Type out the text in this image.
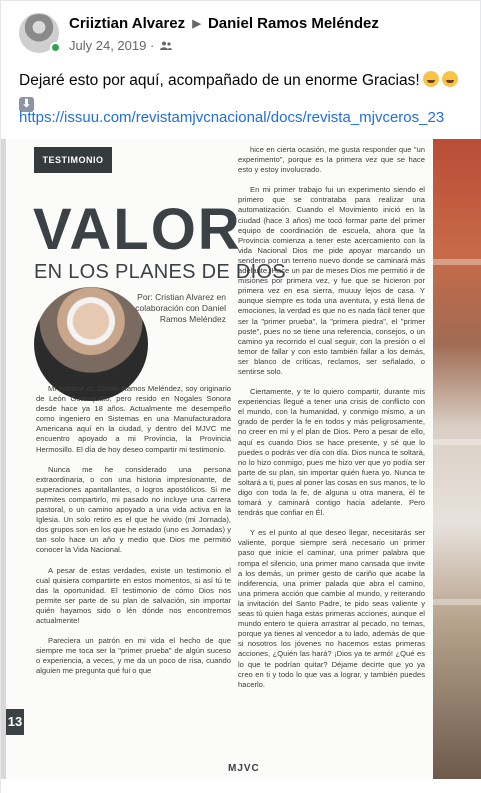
Criiztian Alvarez ▶ Daniel Ramos Meléndez
July 24, 2019 ·
Dejaré esto por aquí, acompañado de un enorme Gracias!
⬇
https://issuu.com/revistamjvcnacional/docs/revista_mjvceros_23
TESTIMONIO
VALOR
EN LOS PLANES DE DIOS
Por: Cristian Alvarez en colaboración con Daniel Ramos Meléndez

Mi nombre es Daniel Ramos Meléndez, soy originario de León Guanajuato, pero resido en Nogales Sonora desde hace ya 18 años. Actualmente me desempeño como ingeniero en Sistemas en una Manufacturadora Americana aquí en la ciudad, y dentro del MJVC me encuentro apoyado a mi Provincia, la Provincia Hermosillo. El día de hoy deseo compartir mi testimonio.

Nunca me he considerado una persona extraordinaria, o con una historia impresionante, de superaciones apantallantes, o logros apostólicos. Si me permites compartirlo, mi pasado no incluye una carrera pastoral, o un camino apoyado a una vida activa en la Iglesia. Un solo retiro es el que he vivido (mi Jornada), dos grupos son en los que he estado (uno es Jornadas) y tan solo hace un año y medio que Dios me permitió conocer la Vida Nacional.

A pesar de estas verdades, existe un testimonio el cual quisiera compartirte en estos momentos, si así tú te das la oportunidad. El testimonio de cómo Dios nos permite ser parte de su plan de salvación, sin importar quién hayamos sido o lén dónde nos encontremos actualmente!

Pareciera un patrón en mi vida el hecho de que siempre me toca ser la "primer prueba" de algún suceso o experiencia, a veces, y me da un poco de risa, cuando alguien me pregunta qué fui o que

hice en cierta ocasión, me gusta responder que "un experimento", porque es la primera vez que se hace esto y estoy involucrado.

En mi primer trabajo fui un experimento siendo el primero que se contrataba para realizar una automatización. Cuando el Movimiento inició en la ciudad (hace 3 años) me tocó formar parte del primer equipo de coordinación de escuela, ahora que la Provincia comienza a tener este acercamiento con la vida Nacional Dios me pide apoyar marcando un sendero por un terreno nuevo donde se caminará más adelante. Hace un par de meses Dios me permitió ir de misiones por primera vez, y fue que se hicieron por primera vez en esa sierra, muuuy lejos de casa. Y aunque siempre es toda una aventura, y está llena de emociones, la verdad es que no es nada fácil tener que ser la "primer prueba", la "primera piedra", el "primer poste", pues no se tiene una referencia, consejos, o un camino ya recorrido el cual seguir, con la presión o el temor de fallar y con esto también fallar a los demás, ser blanco de críticas, reclamos, ser señalado, o sentirse solo.

Ciertamente, y te lo quiero compartir, durante mis experiencias llegué a tener una crisis de conflicto con el mundo, con la humanidad, y conmigo mismo, a un grado de perder la fe en todos y más peligrosamente, no creer en mí y el plan de Dios. Pero a pesar de ello, aquí es cuando Dios se hace presente, y sé que lo puedes o podrás ver día con día. Dios nunca te soltará, no lo hizo conmigo, pues me hizo ver que yo podía ser parte de su plan, sin importar quién fuera yo. Nunca te soltará a ti, pues al poner las cosas en sus manos, te lo digo con toda la fe, de alguna u otra manera, él te tomará y caminará contigo hacia adelante. Pero tendrás que confiar en Él.

Y es el punto al que deseo llegar, necesitarás ser valiente, porque siempre será necesario un primer paso que inicie el caminar, una primer palabra que rompa el silencio, una primer mano cansada que invite a los demás, un primer gesto de cariño que acabe la indiferencia, una primer palada que abra el camino, una primera acción que cambie al mundo, y reiterando la invitación del Santo Padre, te pido seas valiente y seas tú quien haga estas primeras acciones, aunque el mundo entero te quiera arrastrar al pecado, no temas, porque ya tienes al vencedor a tu lado, además de que si nosotros los jóvenes no hacemos estas primeras acciones, ¿Quién las hará? ¡Dios ya te armó! ¿Qué es lo que te podrían quitar? Déjame decirte que yo ya creo en ti y todo lo que vas a lograr, y también puedes hacerlo.

MJVC
13
